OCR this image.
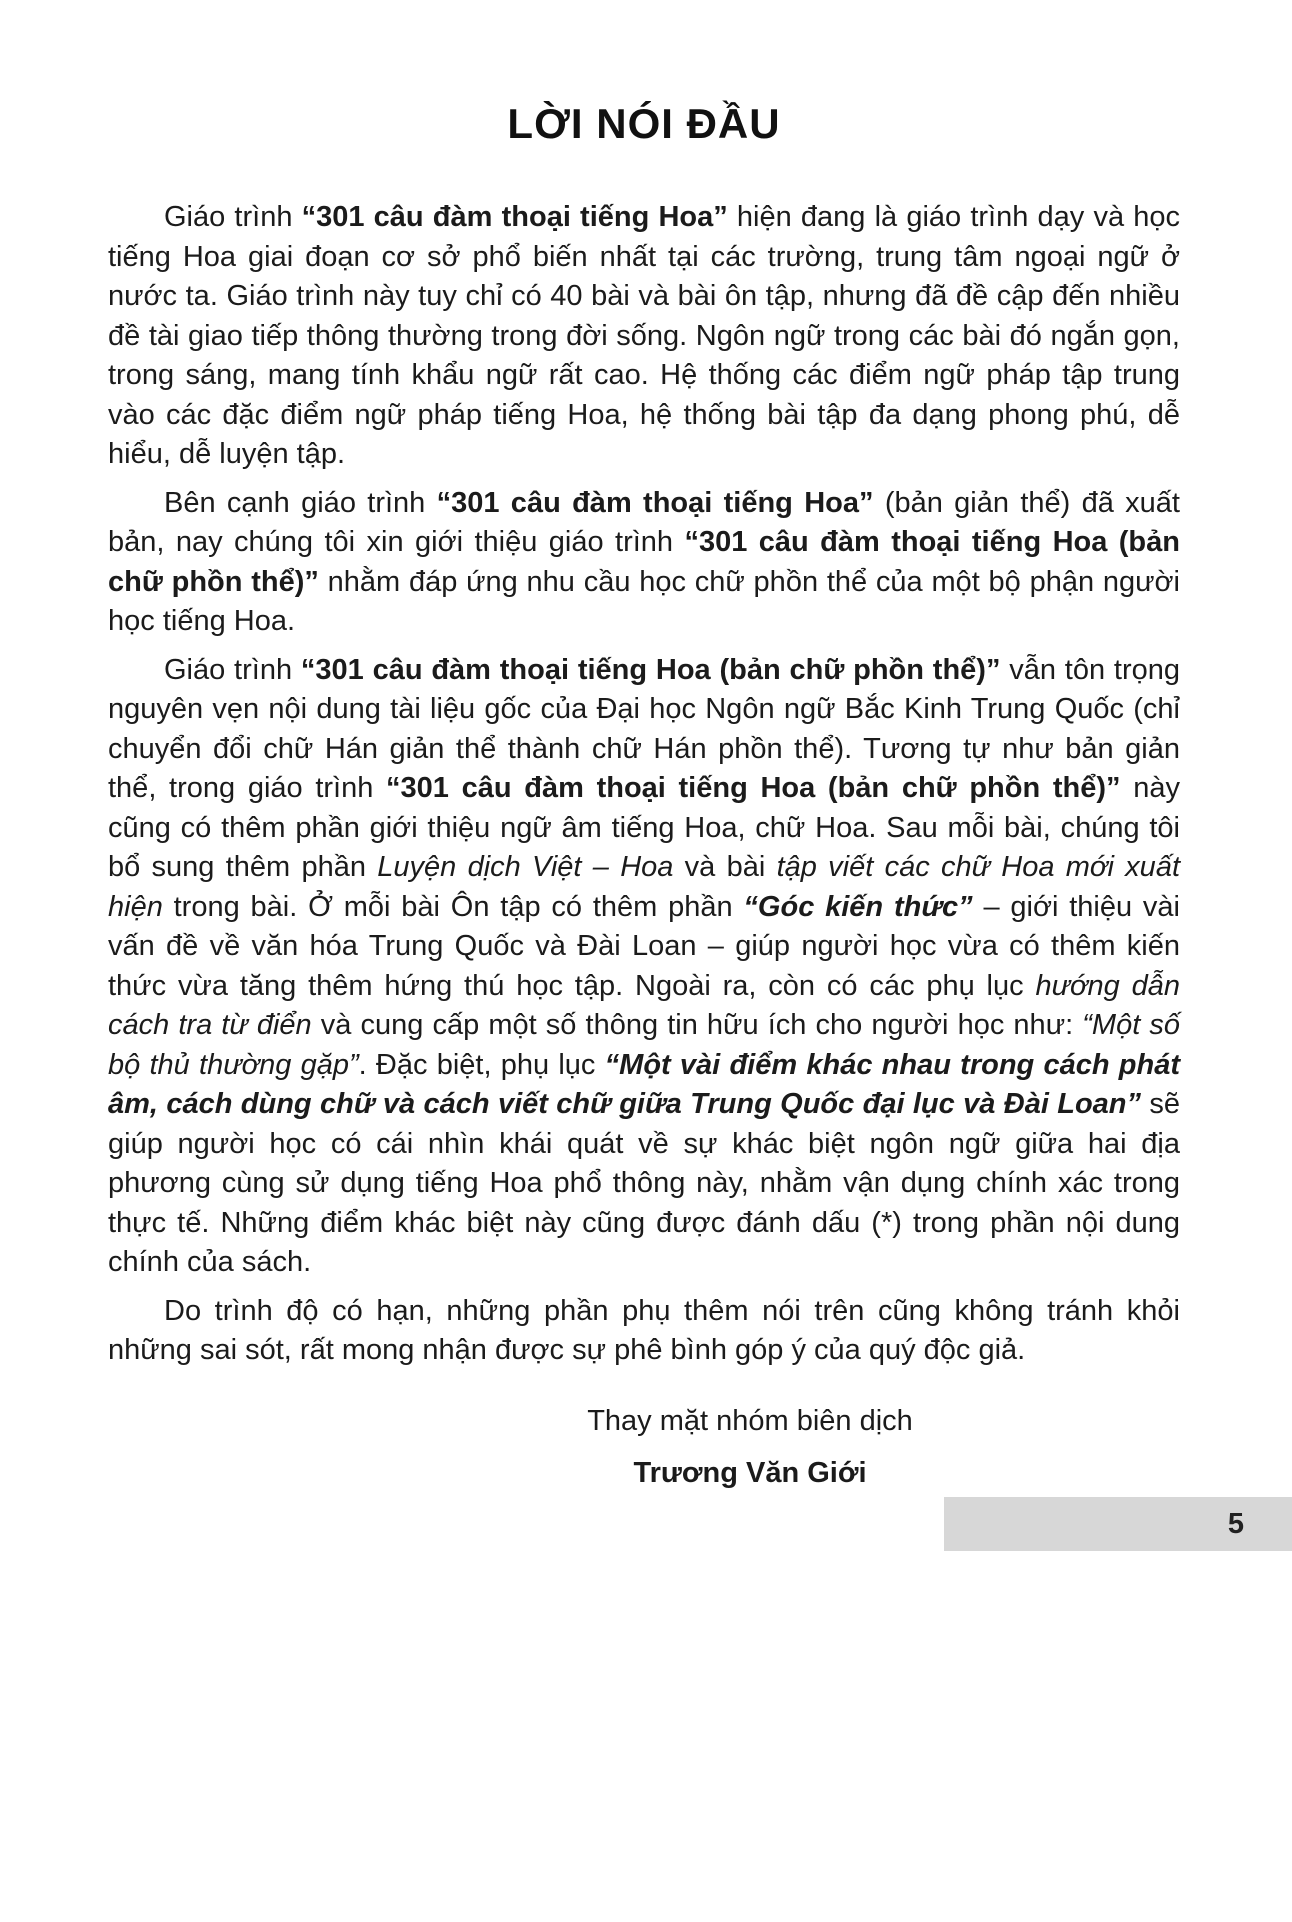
LỜI NÓI ĐẦU

Giáo trình “301 câu đàm thoại tiếng Hoa” hiện đang là giáo trình dạy và học tiếng Hoa giai đoạn cơ sở phổ biến nhất tại các trường, trung tâm ngoại ngữ ở nước ta. Giáo trình này tuy chỉ có 40 bài và bài ôn tập, nhưng đã đề cập đến nhiều đề tài giao tiếp thông thường trong đời sống. Ngôn ngữ trong các bài đó ngắn gọn, trong sáng, mang tính khẩu ngữ rất cao. Hệ thống các điểm ngữ pháp tập trung vào các đặc điểm ngữ pháp tiếng Hoa, hệ thống bài tập đa dạng phong phú, dễ hiểu, dễ luyện tập.

Bên cạnh giáo trình “301 câu đàm thoại tiếng Hoa” (bản giản thể) đã xuất bản, nay chúng tôi xin giới thiệu giáo trình “301 câu đàm thoại tiếng Hoa (bản chữ phồn thể)” nhằm đáp ứng nhu cầu học chữ phồn thể của một bộ phận người học tiếng Hoa.

Giáo trình “301 câu đàm thoại tiếng Hoa (bản chữ phồn thể)” vẫn tôn trọng nguyên vẹn nội dung tài liệu gốc của Đại học Ngôn ngữ Bắc Kinh Trung Quốc (chỉ chuyển đổi chữ Hán giản thể thành chữ Hán phồn thể). Tương tự như bản giản thể, trong giáo trình “301 câu đàm thoại tiếng Hoa (bản chữ phồn thể)” này cũng có thêm phần giới thiệu ngữ âm tiếng Hoa, chữ Hoa. Sau mỗi bài, chúng tôi bổ sung thêm phần Luyện dịch Việt – Hoa và bài tập viết các chữ Hoa mới xuất hiện trong bài. Ở mỗi bài Ôn tập có thêm phần “Góc kiến thức” – giới thiệu vài vấn đề về văn hóa Trung Quốc và Đài Loan – giúp người học vừa có thêm kiến thức vừa tăng thêm hứng thú học tập. Ngoài ra, còn có các phụ lục hướng dẫn cách tra từ điển và cung cấp một số thông tin hữu ích cho người học như: “Một số bộ thủ thường gặp”. Đặc biệt, phụ lục “Một vài điểm khác nhau trong cách phát âm, cách dùng chữ và cách viết chữ giữa Trung Quốc đại lục và Đài Loan” sẽ giúp người học có cái nhìn khái quát về sự khác biệt ngôn ngữ giữa hai địa phương cùng sử dụng tiếng Hoa phổ thông này, nhằm vận dụng chính xác trong thực tế. Những điểm khác biệt này cũng được đánh dấu (*) trong phần nội dung chính của sách.

Do trình độ có hạn, những phần phụ thêm nói trên cũng không tránh khỏi những sai sót, rất mong nhận được sự phê bình góp ý của quý độc giả.

Thay mặt nhóm biên dịch
Trương Văn Giới
5
